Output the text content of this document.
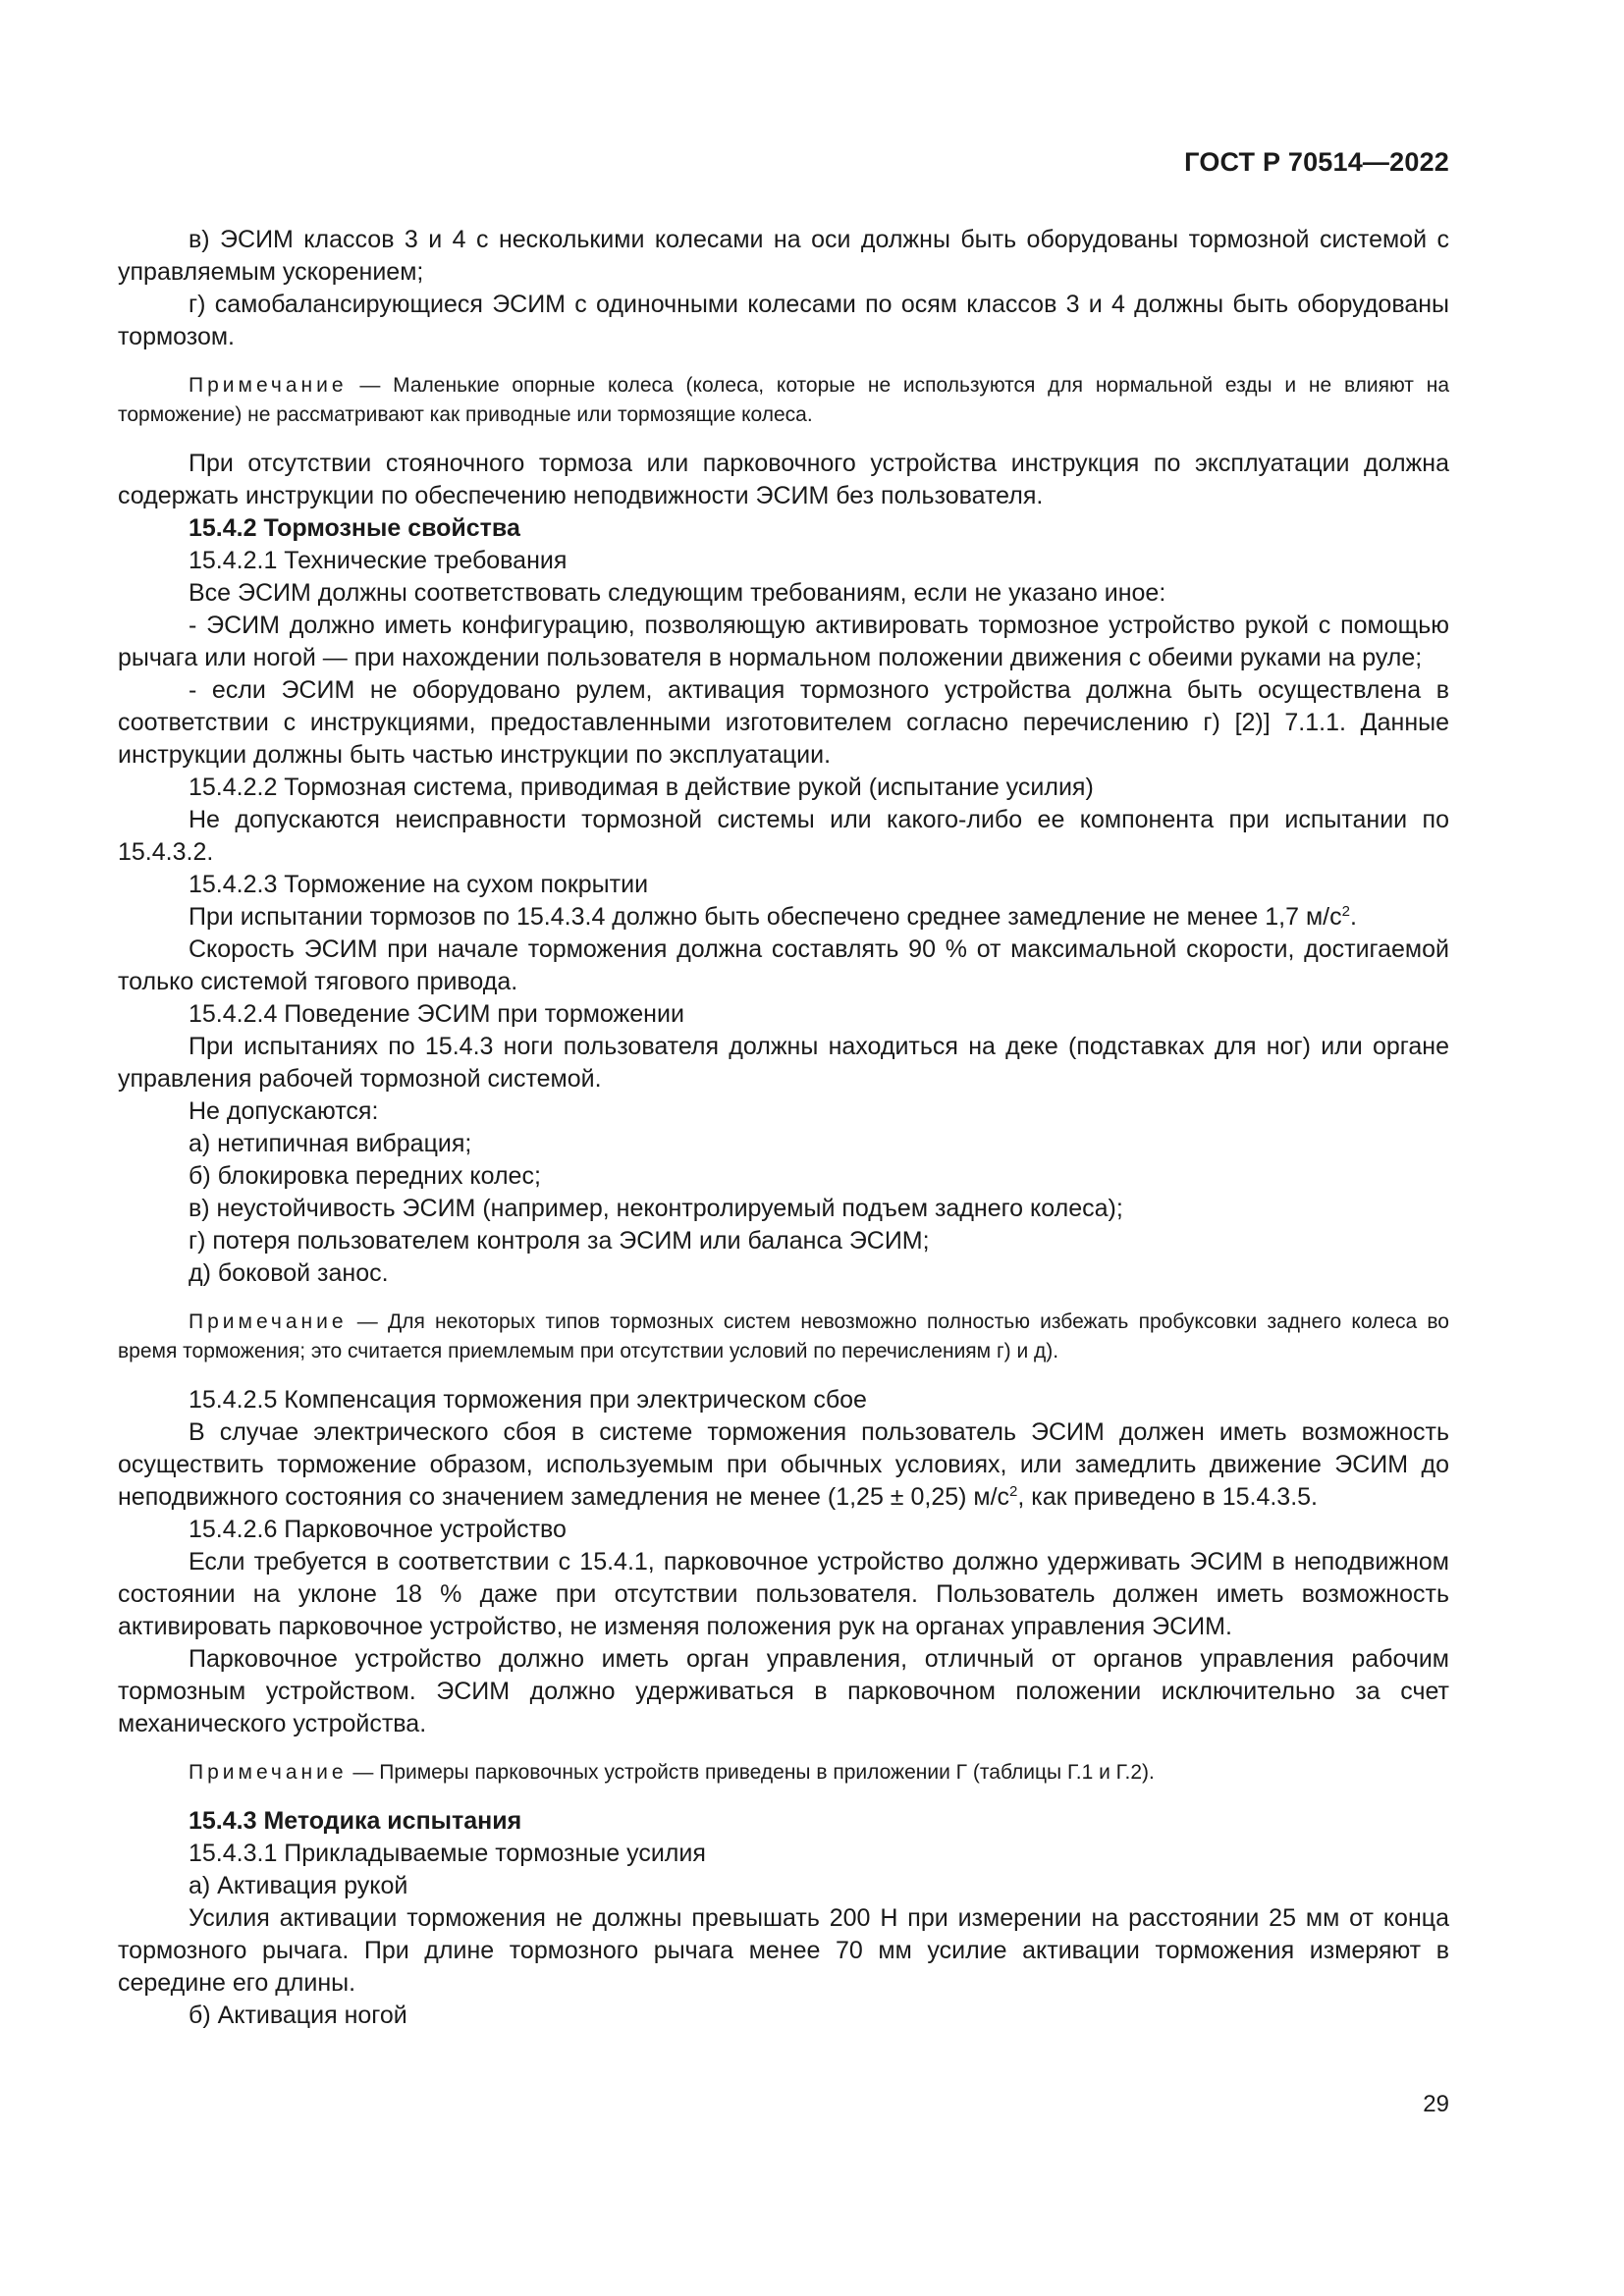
ГОСТ Р 70514—2022

в) ЭСИМ классов 3 и 4 с несколькими колесами на оси должны быть оборудованы тормозной системой с управляемым ускорением;

г) самобалансирующиеся ЭСИМ с одиночными колесами по осям классов 3 и 4 должны быть оборудованы тормозом.

Примечание — Маленькие опорные колеса (колеса, которые не используются для нормальной езды и не влияют на торможение) не рассматривают как приводные или тормозящие колеса.

При отсутствии стояночного тормоза или парковочного устройства инструкция по эксплуатации должна содержать инструкции по обеспечению неподвижности ЭСИМ без пользователя.

15.4.2 Тормозные свойства

15.4.2.1 Технические требования

Все ЭСИМ должны соответствовать следующим требованиям, если не указано иное:

- ЭСИМ должно иметь конфигурацию, позволяющую активировать тормозное устройство рукой с помощью рычага или ногой — при нахождении пользователя в нормальном положении движения с обеими руками на руле;

- если ЭСИМ не оборудовано рулем, активация тормозного устройства должна быть осуществлена в соответствии с инструкциями, предоставленными изготовителем согласно перечислению г) [2)] 7.1.1. Данные инструкции должны быть частью инструкции по эксплуатации.

15.4.2.2 Тормозная система, приводимая в действие рукой (испытание усилия)

Не допускаются неисправности тормозной системы или какого-либо ее компонента при испытании по 15.4.3.2.

15.4.2.3 Торможение на сухом покрытии

При испытании тормозов по 15.4.3.4 должно быть обеспечено среднее замедление не менее 1,7 $м/с^2$.

Скорость ЭСИМ при начале торможения должна составлять 90 % от максимальной скорости, достигаемой только системой тягового привода.

15.4.2.4 Поведение ЭСИМ при торможении

При испытаниях по 15.4.3 ноги пользователя должны находиться на деке (подставках для ног) или органе управления рабочей тормозной системой.

Не допускаются:

а) нетипичная вибрация;

б) блокировка передних колес;

в) неустойчивость ЭСИМ (например, неконтролируемый подъем заднего колеса);

г) потеря пользователем контроля за ЭСИМ или баланса ЭСИМ;

д) боковой занос.

Примечание — Для некоторых типов тормозных систем невозможно полностью избежать пробуксовки заднего колеса во время торможения; это считается приемлемым при отсутствии условий по перечислениям г) и д).

15.4.2.5 Компенсация торможения при электрическом сбое

В случае электрического сбоя в системе торможения пользователь ЭСИМ должен иметь возможность осуществить торможение образом, используемым при обычных условиях, или замедлить движение ЭСИМ до неподвижного состояния со значением замедления не менее (1,25 ± 0,25) $м/с^2$, как приведено в 15.4.3.5.

15.4.2.6 Парковочное устройство

Если требуется в соответствии с 15.4.1, парковочное устройство должно удерживать ЭСИМ в неподвижном состоянии на уклоне 18 % даже при отсутствии пользователя. Пользователь должен иметь возможность активировать парковочное устройство, не изменяя положения рук на органах управления ЭСИМ.

Парковочное устройство должно иметь орган управления, отличный от органов управления рабочим тормозным устройством. ЭСИМ должно удерживаться в парковочном положении исключительно за счет механического устройства.

Примечание — Примеры парковочных устройств приведены в приложении Г (таблицы Г.1 и Г.2).

15.4.3 Методика испытания

15.4.3.1 Прикладываемые тормозные усилия

а) Активация рукой

Усилия активации торможения не должны превышать 200 Н при измерении на расстоянии 25 мм от конца тормозного рычага. При длине тормозного рычага менее 70 мм усилие активации торможения измеряют в середине его длины.

б) Активация ногой

29
